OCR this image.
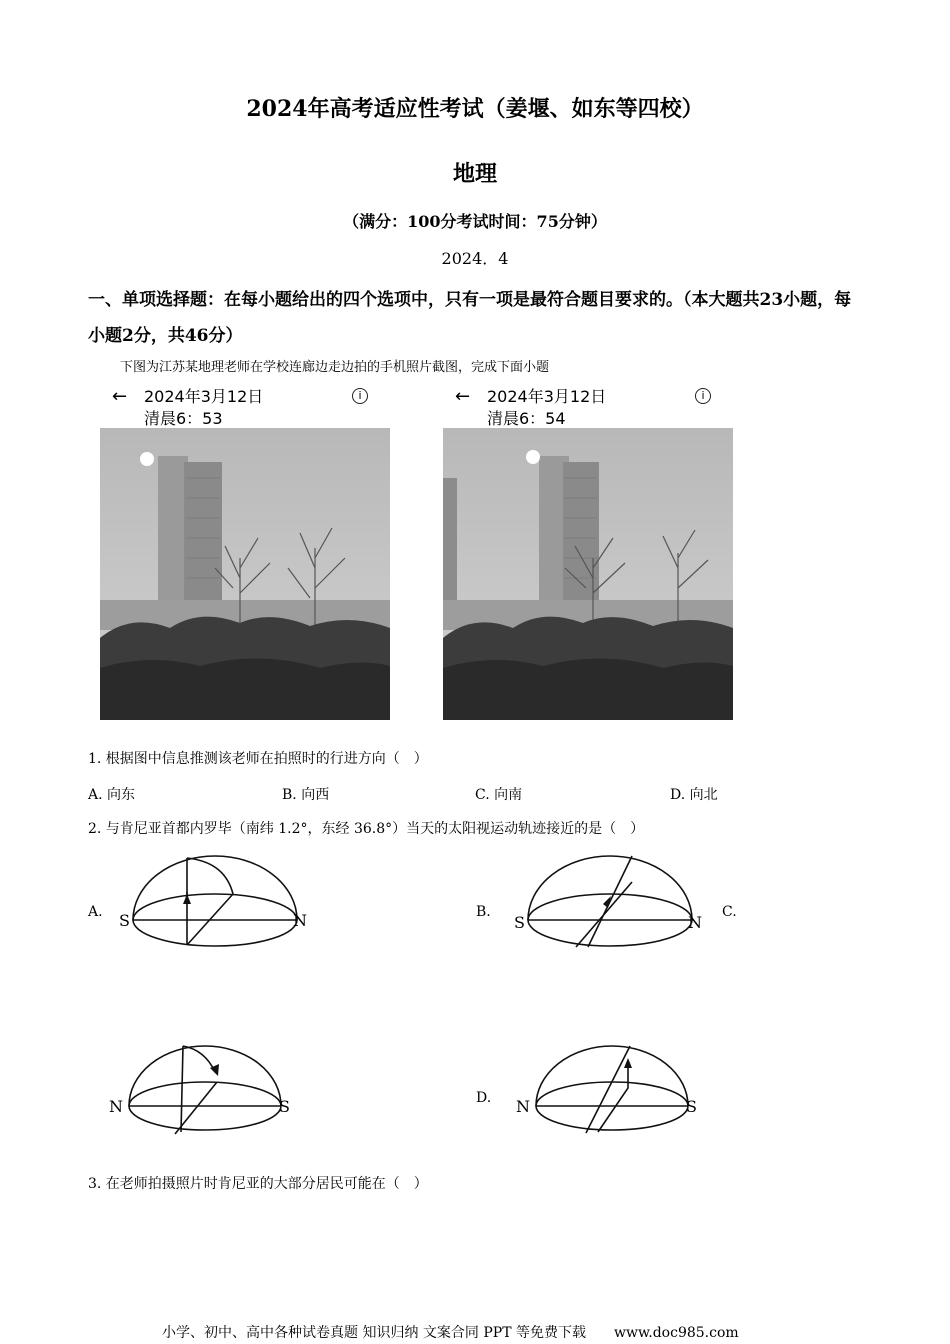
2024年高考适应性考试（姜堰、如东等四校）
地理
（满分：100分考试时间：75分钟）
2024．4
一、单项选择题：在每小题给出的四个选项中，只有一项是最符合题目要求的。（本大题共23小题，每小题2分，共46分）
下图为江苏某地理老师在学校连廊边走边拍的手机照片截图，完成下面小题
← 2024年3月12日
清晨6：53
i	← 2024年3月12日
清晨6：54
i
1. 根据图中信息推测该老师在拍照时的行进方向（　）
A. 向东	B. 向西	C. 向南	D. 向北
2. 与肯尼亚首都内罗毕（南纬 1.2°，东经 36.8°）当天的太阳视运动轨迹接近的是（　）
A. S	N	B.
S	N
C.
N	S	D. N	S
3. 在老师拍摄照片时肯尼亚的大部分居民可能在（　）
小学、初中、高中各种试卷真题 知识归纳 文案合同 PPT 等免费下载　　www.doc985.com
